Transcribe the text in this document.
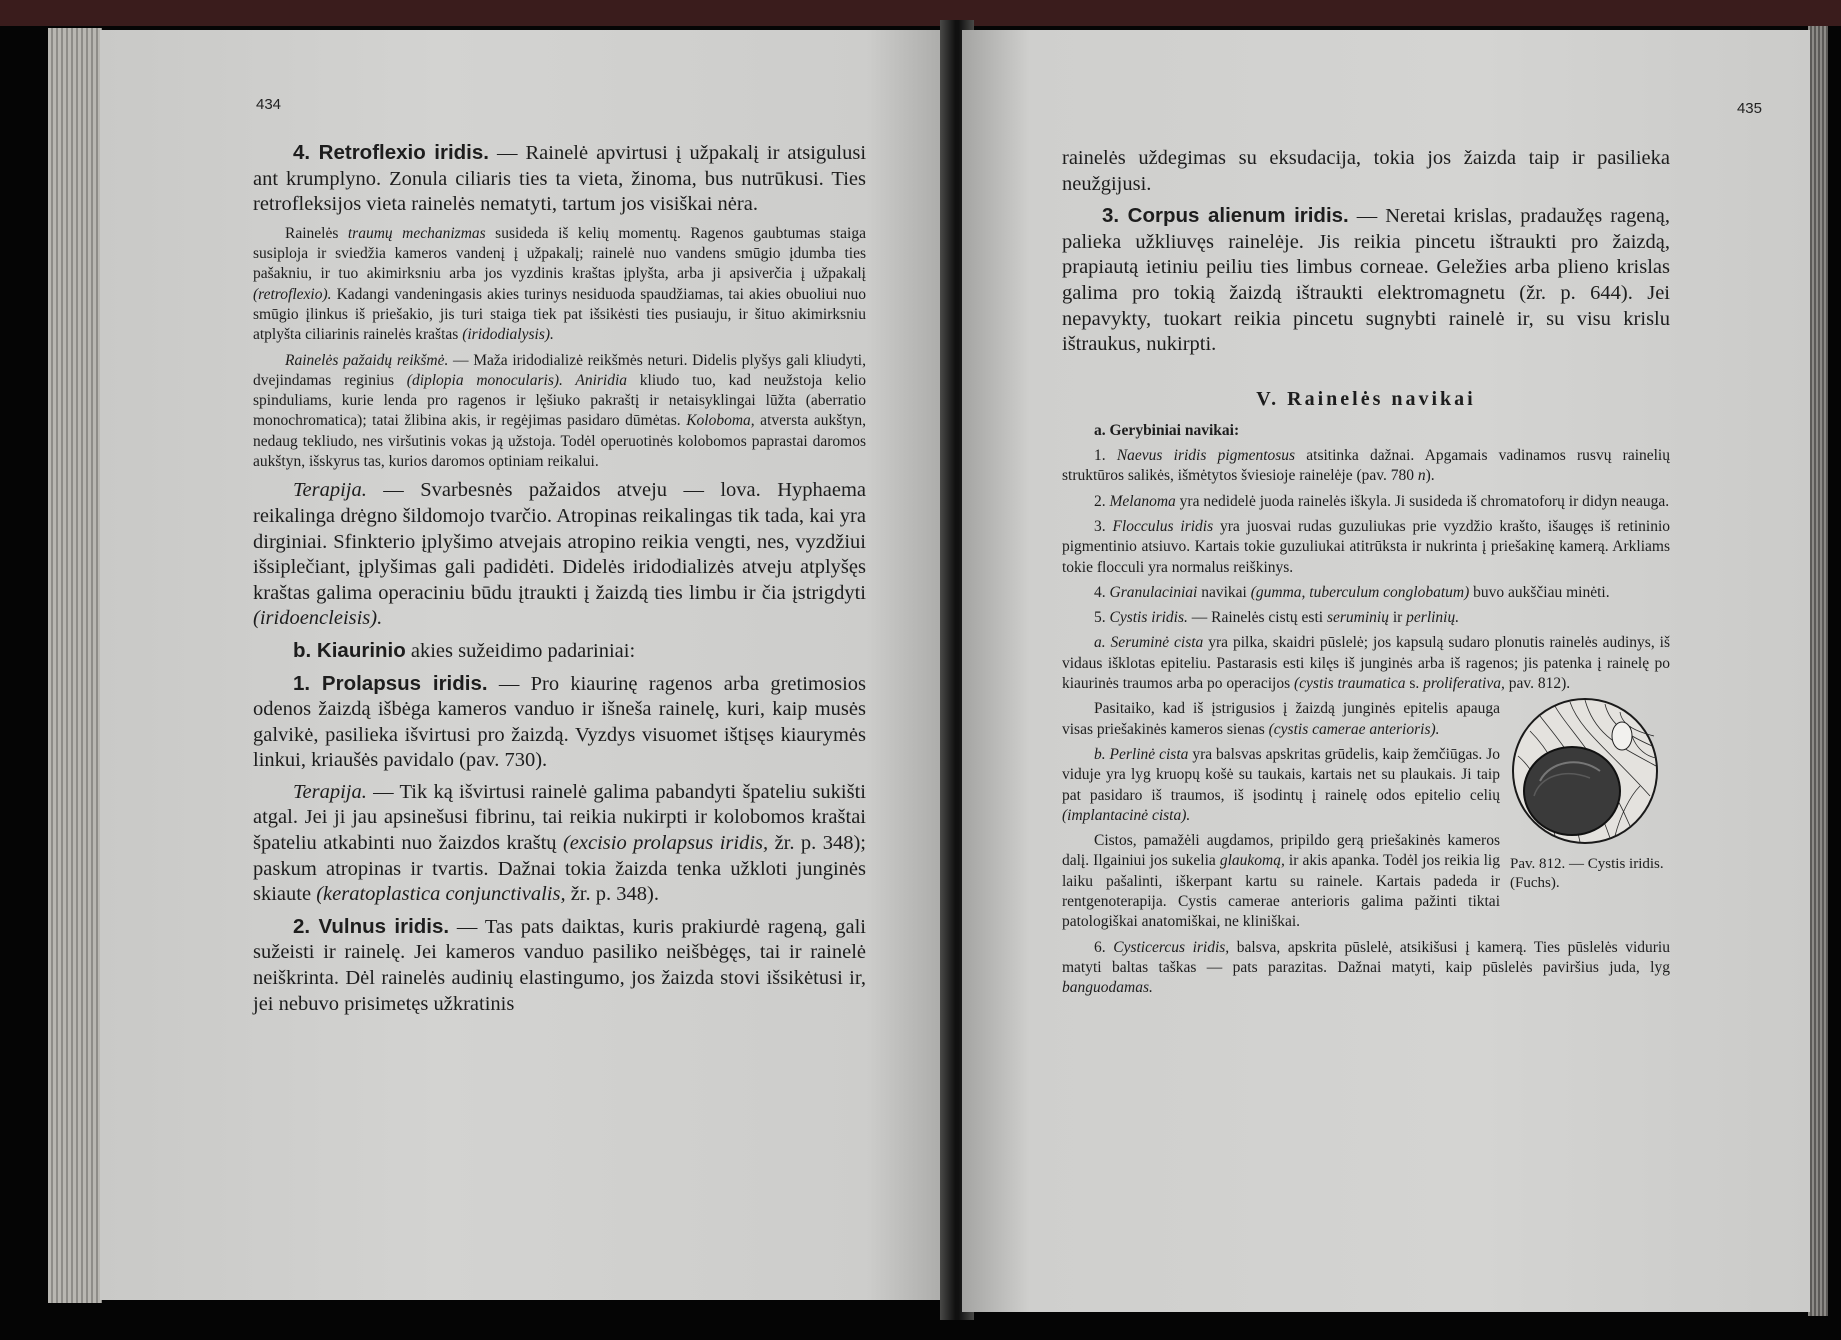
434

4. Retroflexio iridis. — Rainelė apvirtusi į užpakalį ir atsigulusi ant krumplyno. Zonula ciliaris ties ta vieta, žinoma, bus nutrūkusi. Ties retrofleksijos vieta rainelės nematyti, tartum jos visiškai nėra.

Rainelės traumų mechanizmas susideda iš kelių momentų. Ragenos gaubtumas staiga susiploja ir sviedžia kameros vandenį į užpakalį; rainelė nuo vandens smūgio įdumba ties pašakniu, ir tuo akimirksniu arba jos vyzdinis kraštas įplyšta, arba ji apsiverčia į užpakalį (retroflexio). Kadangi vandeningasis akies turinys nesiduoda spaudžiamas, tai akies obuoliui nuo smūgio įlinkus iš priešakio, jis turi staiga tiek pat išsikėsti ties pusiauju, ir šituo akimirksniu atplyšta ciliarinis rainelės kraštas (iridodialysis).

Rainelės pažaidų reikšmė. — Maža iridodializė reikšmės neturi. Didelis plyšys gali kliudyti, dvejindamas reginius (diplopia monocularis). Aniridia kliudo tuo, kad neužstoja kelio spinduliams, kurie lenda pro ragenos ir lęšiuko pakraštį ir netaisyklingai lūžta (aberratio monochromatica); tatai žlibina akis, ir regėjimas pasidaro dūmėtas. Koloboma, atversta aukštyn, nedaug tekliudo, nes viršutinis vokas ją užstoja. Todėl operuotinės kolobomos paprastai daromos aukštyn, išskyrus tas, kurios daromos optiniam reikalui.

Terapija. — Svarbesnės pažaidos atveju — lova. Hyphaema reikalinga drėgno šildomojo tvarčio. Atropinas reikalingas tik tada, kai yra dirginiai. Sfinkterio įplyšimo atvejais atropino reikia vengti, nes, vyzdžiui išsiplečiant, įplyšimas gali padidėti. Didelės iridodializės atveju atplyšęs kraštas galima operaciniu būdu įtraukti į žaizdą ties limbu ir čia įstrigdyti (iridoencleisis).

b. Kiaurinio akies sužeidimo padariniai:

1. Prolapsus iridis. — Pro kiaurinę ragenos arba gretimosios odenos žaizdą išbėga kameros vanduo ir išneša rainelę, kuri, kaip musės galvikė, pasilieka išvirtusi pro žaizdą. Vyzdys visuomet ištįsęs kiaurymės linkui, kriaušės pavidalo (pav. 730).

Terapija. — Tik ką išvirtusi rainelė galima pabandyti špateliu sukišti atgal. Jei ji jau apsinešusi fibrinu, tai reikia nukirpti ir kolobomos kraštai špateliu atkabinti nuo žaizdos kraštų (excisio prolapsus iridis, žr. p. 348); paskum atropinas ir tvartis. Dažnai tokia žaizda tenka užkloti junginės skiaute (keratoplastica conjunctivalis, žr. p. 348).

2. Vulnus iridis. — Tas pats daiktas, kuris prakiurdė rageną, gali sužeisti ir rainelę. Jei kameros vanduo pasiliko neišbėgęs, tai ir rainelė neiškrinta. Dėl rainelės audinių elastingumo, jos žaizda stovi išsikėtusi ir, jei nebuvo prisimetęs užkratinis

435

rainelės uždegimas su eksudacija, tokia jos žaizda taip ir pasilieka neužgijusi.

3. Corpus alienum iridis. — Neretai krislas, pradaužęs rageną, palieka užkliuvęs rainelėje. Jis reikia pincetu ištraukti pro žaizdą, prapiautą ietiniu peiliu ties limbus corneae. Geležies arba plieno krislas galima pro tokią žaizdą ištraukti elektromagnetu (žr. p. 644). Jei nepavykty, tuokart reikia pincetu sugnybti rainelė ir, su visu krislu ištraukus, nukirpti.

V. Rainelės navikai

a. Gerybiniai navikai:

1. Naevus iridis pigmentosus atsitinka dažnai. Apgamais vadinamos rusvų rainelių struktūros salikės, išmėtytos šviesioje rainelėje (pav. 780 n).

2. Melanoma yra nedidelė juoda rainelės iškyla. Ji susideda iš chromatoforų ir didyn neauga.

3. Flocculus iridis yra juosvai rudas guzuliukas prie vyzdžio krašto, išaugęs iš retininio pigmentinio atsiuvo. Kartais tokie guzuliukai atitrūksta ir nukrinta į priešakinę kamerą. Arkliams tokie flocculi yra normalus reiškinys.

4. Granulaciniai navikai (gumma, tuberculum conglobatum) buvo aukščiau minėti.

5. Cystis iridis. — Rainelės cistų esti seruminių ir perlinių.

a. Seruminė cista yra pilka, skaidri pūslelė; jos kapsulą sudaro plonutis rainelės audinys, iš vidaus išklotas epiteliu. Pastarasis esti kilęs iš junginės arba iš ragenos; jis patenka į rainelę po kiaurinės traumos arba po operacijos (cystis traumatica s. proliferativa, pav. 812).

Pav. 812. — Cystis iridis. (Fuchs).

Pasitaiko, kad iš įstrigusios į žaizdą junginės epitelis apauga visas priešakinės kameros sienas (cystis camerae anterioris).

b. Perlinė cista yra balsvas apskritas grūdelis, kaip žemčiūgas. Jo viduje yra lyg kruopų košė su taukais, kartais net su plaukais. Ji taip pat pasidaro iš traumos, iš įsodintų į rainelę odos epitelio celių (implantacinė cista).

Cistos, pamažėli augdamos, pripildo gerą priešakinės kameros dalį. Ilgainiui jos sukelia glaukomą, ir akis apanka. Todėl jos reikia lig laiku pašalinti, iškerpant kartu su rainele. Kartais padeda ir rentgenoterapija. Cystis camerae anterioris galima pažinti tiktai patologiškai anatomiškai, ne kliniškai.

6. Cysticercus iridis, balsva, apskrita pūslelė, atsikišusi į kamerą. Ties pūslelės viduriu matyti baltas taškas — pats parazitas. Dažnai matyti, kaip pūslelės paviršius juda, lyg banguodamas.
